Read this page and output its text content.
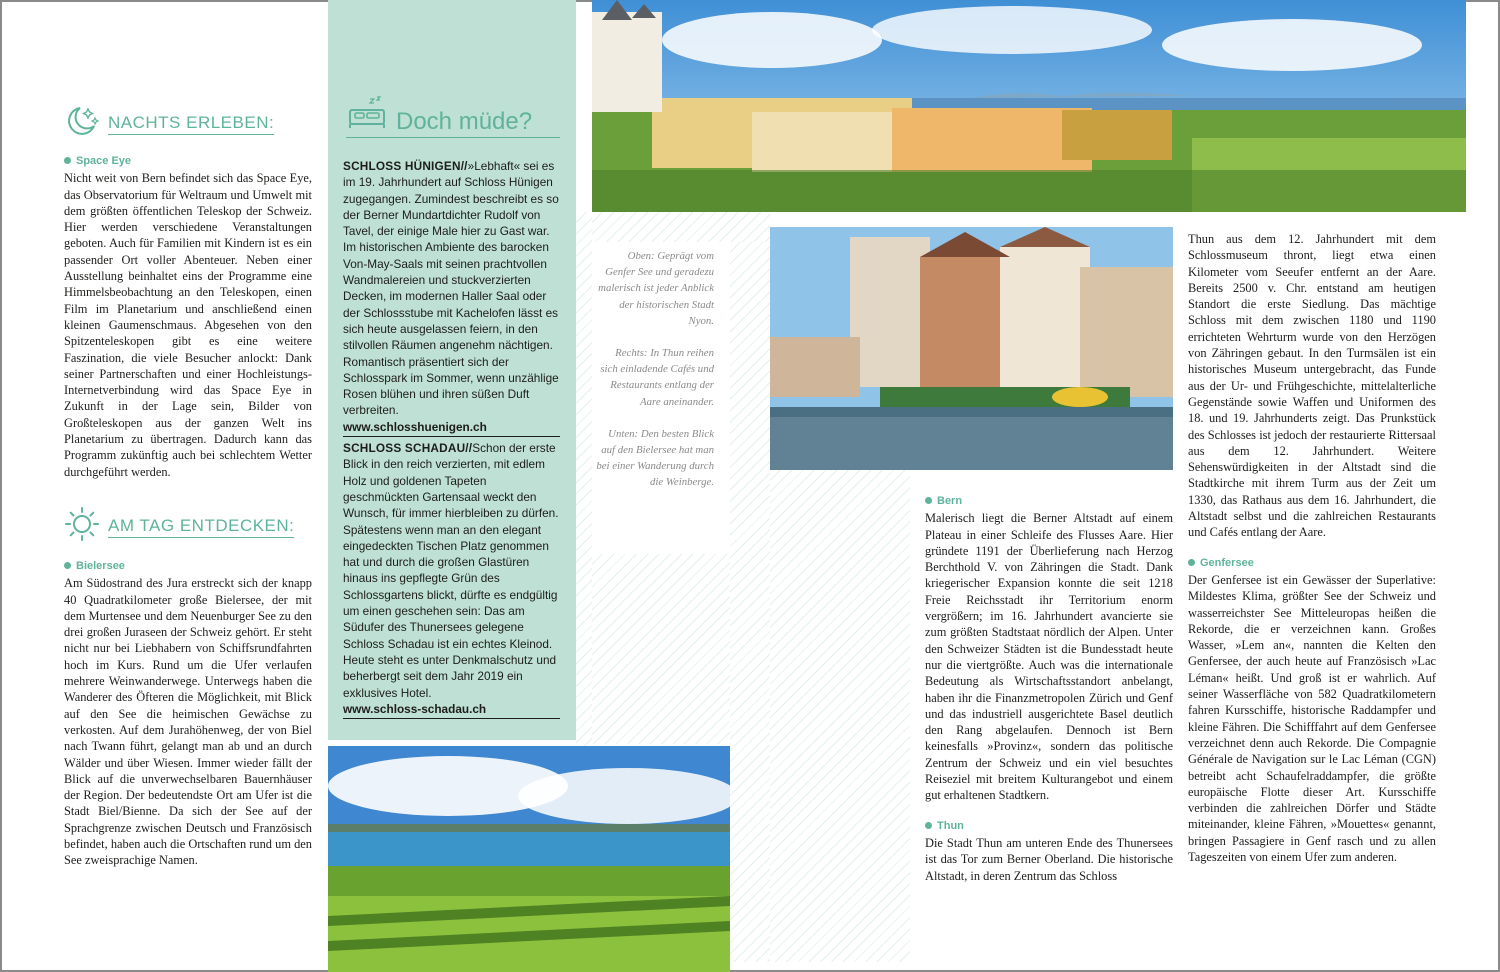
NACHTS ERLEBEN:
Space Eye

Nicht weit von Bern befindet sich das Space Eye, das Observatorium für Weltraum und Umwelt mit dem größten öffentlichen Teleskop der Schweiz. Hier werden verschiedene Veranstaltungen geboten. Auch für Familien mit Kindern ist es ein passender Ort voller Abenteuer. Neben einer Ausstellung beinhaltet eins der Programme eine Himmelsbeobachtung an den Teleskopen, einen Film im Planetarium und anschließend einen kleinen Gaumenschmaus. Abgesehen von den Spitzenteleskopen gibt es eine weitere Faszination, die viele Besucher anlockt: Dank seiner Partnerschaften und einer Hochleistungs-Internetverbindung wird das Space Eye in Zukunft in der Lage sein, Bilder von Großteleskopen aus der ganzen Welt ins Planetarium zu übertragen. Dadurch kann das Programm zukünftig auch bei schlechtem Wetter durchgeführt werden.

AM TAG ENTDECKEN:
Bielersee

Am Südostrand des Jura erstreckt sich der knapp 40 Quadratkilometer große Bielersee, der mit dem Murtensee und dem Neuenburger See zu den drei großen Juraseen der Schweiz gehört. Er steht nicht nur bei Liebhabern von Schiffsrundfahrten hoch im Kurs. Rund um die Ufer verlaufen mehrere Weinwanderwege. Unterwegs haben die Wanderer des Öfteren die Möglichkeit, mit Blick auf den See die heimischen Gewächse zu verkosten. Auf dem Jurahöhenweg, der von Biel nach Twann führt, gelangt man ab und an durch Wälder und über Wiesen. Immer wieder fällt der Blick auf die unverwechselbaren Bauernhäuser der Region. Der bedeutendste Ort am Ufer ist die Stadt Biel/Bienne. Da sich der See auf der Sprachgrenze zwischen Deutsch und Französisch befindet, haben auch die Ortschaften rund um den See zweisprachige Namen.

Doch müde?

SCHLOSS HÜNIGEN//»Lebhaft« sei es im 19. Jahrhundert auf Schloss Hünigen zugegangen. Zumindest beschreibt es so der Berner Mundartdichter Rudolf von Tavel, der einige Male hier zu Gast war. Im historischen Ambiente des barocken Von-May-Saals mit seinen prachtvollen Wandmalereien und stuckverzierten Decken, im modernen Haller Saal oder der Schlossstube mit Kachelofen lässt es sich heute ausgelassen feiern, in den stilvollen Räumen angenehm nächtigen. Romantisch präsentiert sich der Schlosspark im Sommer, wenn unzählige Rosen blühen und ihren süßen Duft verbreiten.

www.schlosshuenigen.ch

SCHLOSS SCHADAU//Schon der erste Blick in den reich verzierten, mit edlem Holz und goldenen Tapeten geschmückten Gartensaal weckt den Wunsch, für immer hierbleiben zu dürfen. Spätestens wenn man an den elegant eingedeckten Tischen Platz genommen hat und durch die großen Glastüren hinaus ins gepflegte Grün des Schlossgartens blickt, dürfte es endgültig um einen geschehen sein: Das am Südufer des Thunersees gelegene Schloss Schadau ist ein echtes Kleinod. Heute steht es unter Denkmalschutz und beherbergt seit dem Jahr 2019 ein exklusives Hotel.

www.schloss-schadau.ch

Oben: Geprägt vom Genfer See und geradezu malerisch ist jeder Anblick der historischen Stadt Nyon.

Rechts: In Thun reihen sich einladende Cafés und Restaurants entlang der Aare aneinander.

Unten: Den besten Blick auf den Bielersee hat man bei einer Wanderung durch die Weinberge.

Bern

Malerisch liegt die Berner Altstadt auf einem Plateau in einer Schleife des Flusses Aare. Hier gründete 1191 der Überlieferung nach Herzog Berchthold V. von Zähringen die Stadt. Dank kriegerischer Expansion konnte die seit 1218 Freie Reichsstadt ihr Territorium enorm vergrößern; im 16. Jahrhundert avancierte sie zum größten Stadtstaat nördlich der Alpen. Unter den Schweizer Städten ist die Bundesstadt heute nur die viertgrößte. Auch was die internationale Bedeutung als Wirtschaftsstandort anbelangt, haben ihr die Finanzmetropolen Zürich und Genf und das industriell ausgerichtete Basel deutlich den Rang abgelaufen. Dennoch ist Bern keinesfalls »Provinz«, sondern das politische Zentrum der Schweiz und ein viel besuchtes Reiseziel mit breitem Kulturangebot und einem gut erhaltenen Stadtkern.

Thun

Die Stadt Thun am unteren Ende des Thunersees ist das Tor zum Berner Oberland. Die historische Altstadt, in deren Zentrum das Schloss

Thun aus dem 12. Jahrhundert mit dem Schlossmuseum thront, liegt etwa einen Kilometer vom Seeufer entfernt an der Aare. Bereits 2500 v. Chr. entstand am heutigen Standort die erste Siedlung. Das mächtige Schloss mit dem zwischen 1180 und 1190 errichteten Wehrturm wurde von den Herzögen von Zähringen gebaut. In den Turmsälen ist ein historisches Museum untergebracht, das Funde aus der Ur- und Frühgeschichte, mittelalterliche Gegenstände sowie Waffen und Uniformen des 18. und 19. Jahrhunderts zeigt. Das Prunkstück des Schlosses ist jedoch der restaurierte Rittersaal aus dem 12. Jahrhundert. Weitere Sehenswürdigkeiten in der Altstadt sind die Stadtkirche mit ihrem Turm aus der Zeit um 1330, das Rathaus aus dem 16. Jahrhundert, die Altstadt selbst und die zahlreichen Restaurants und Cafés entlang der Aare.

Genfersee

Der Genfersee ist ein Gewässer der Superlative: Mildestes Klima, größter See der Schweiz und wasserreichster See Mitteleuropas heißen die Rekorde, die er verzeichnen kann. Großes Wasser, »Lem an«, nannten die Kelten den Genfersee, der auch heute auf Französisch »Lac Léman« heißt. Und groß ist er wahrlich. Auf seiner Wasserfläche von 582 Quadratkilometern fahren Kursschiffe, historische Raddampfer und kleine Fähren. Die Schifffahrt auf dem Genfersee verzeichnet denn auch Rekorde. Die Compagnie Générale de Navigation sur le Lac Léman (CGN) betreibt acht Schaufelraddampfer, die größte europäische Flotte dieser Art. Kursschiffe verbinden die zahlreichen Dörfer und Städte miteinander, kleine Fähren, »Mouettes« genannt, bringen Passagiere in Genf rasch und zu allen Tageszeiten von einem Ufer zum anderen.
